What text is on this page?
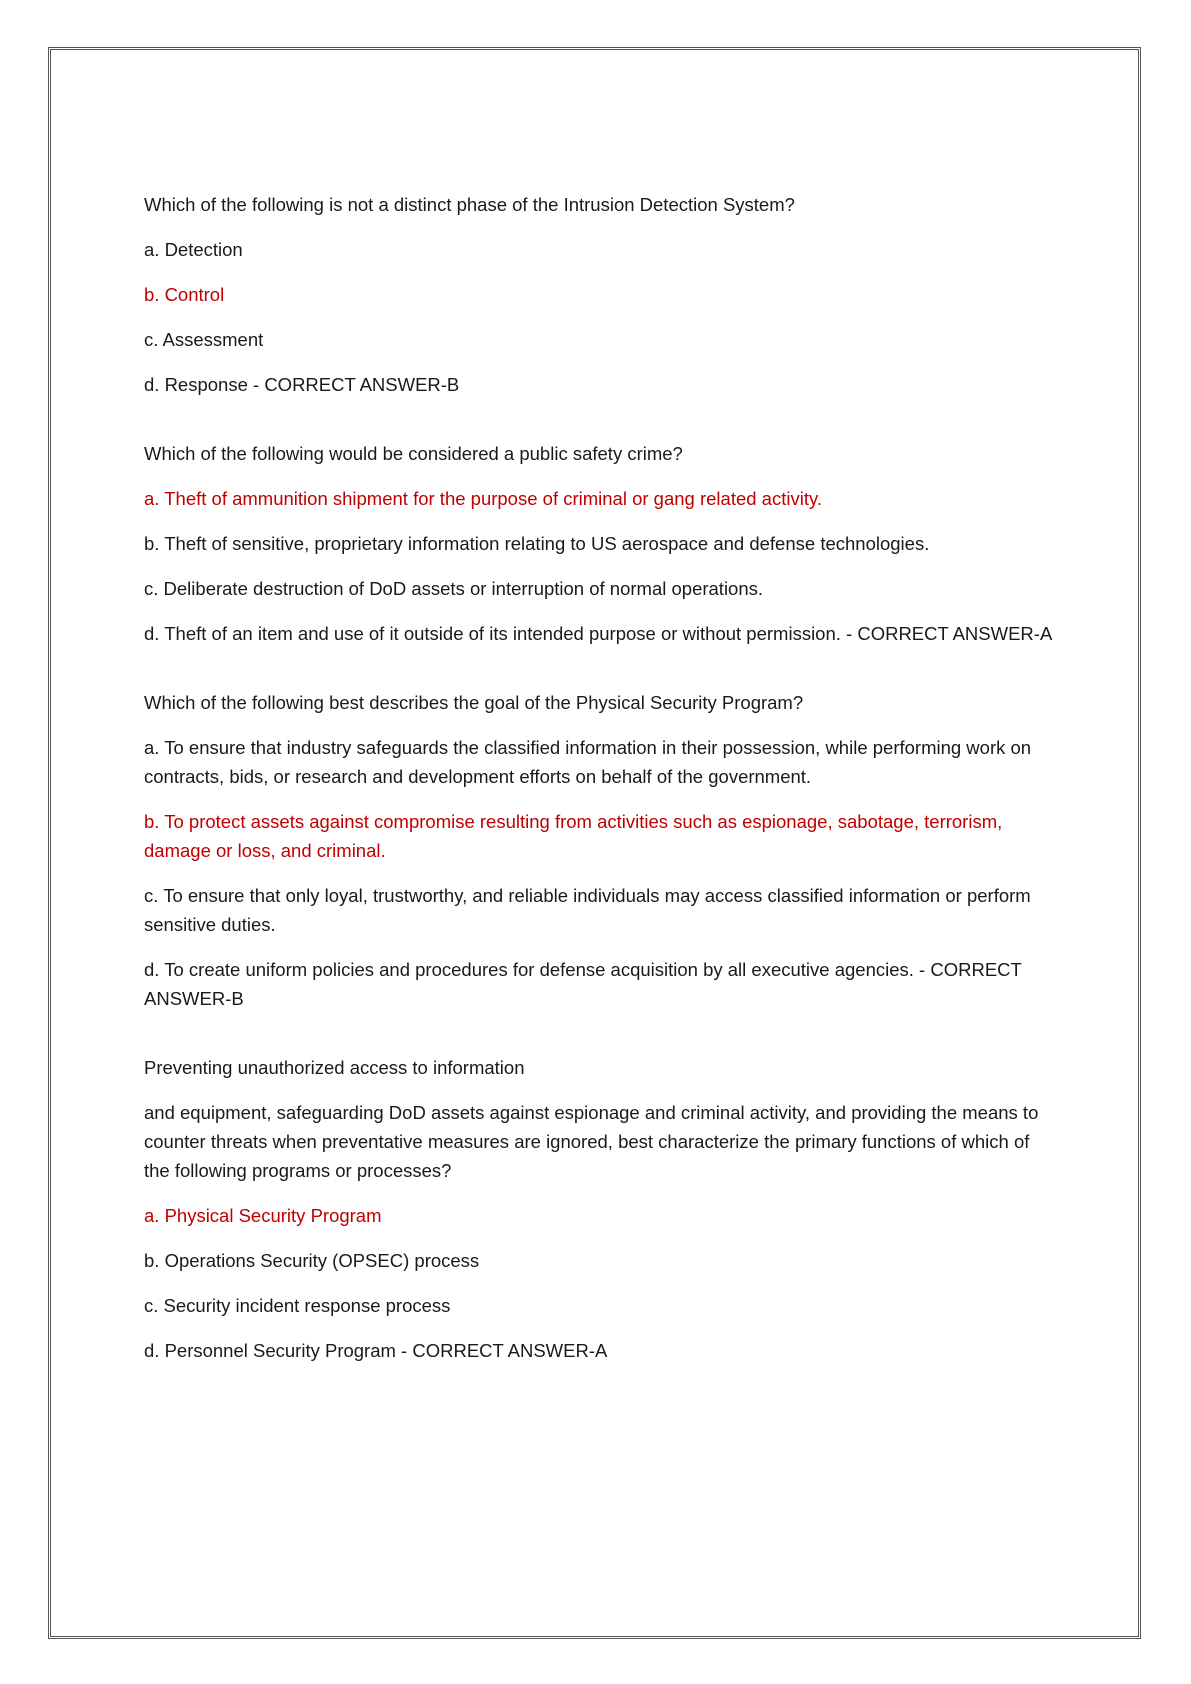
Which of the following is not a distinct phase of the Intrusion Detection System?

a. Detection

b. Control

c. Assessment

d. Response - CORRECT ANSWER-B

Which of the following would be considered a public safety crime?

a. Theft of ammunition shipment for the purpose of criminal or gang related activity.

b. Theft of sensitive, proprietary information relating to US aerospace and defense technologies.

c. Deliberate destruction of DoD assets or interruption of normal operations.

d. Theft of an item and use of it outside of its intended purpose or without permission. - CORRECT ANSWER-A

Which of the following best describes the goal of the Physical Security Program?

a. To ensure that industry safeguards the classified information in their possession, while performing work on contracts, bids, or research and development efforts on behalf of the government.

b. To protect assets against compromise resulting from activities such as espionage, sabotage, terrorism, damage or loss, and criminal.

c. To ensure that only loyal, trustworthy, and reliable individuals may access classified information or perform sensitive duties.

d. To create uniform policies and procedures for defense acquisition by all executive agencies. - CORRECT ANSWER-B

Preventing unauthorized access to information

and equipment, safeguarding DoD assets against espionage and criminal activity, and providing the means to counter threats when preventative measures are ignored, best characterize the primary functions of which of the following programs or processes?

a. Physical Security Program

b. Operations Security (OPSEC) process

c. Security incident response process

d. Personnel Security Program - CORRECT ANSWER-A
